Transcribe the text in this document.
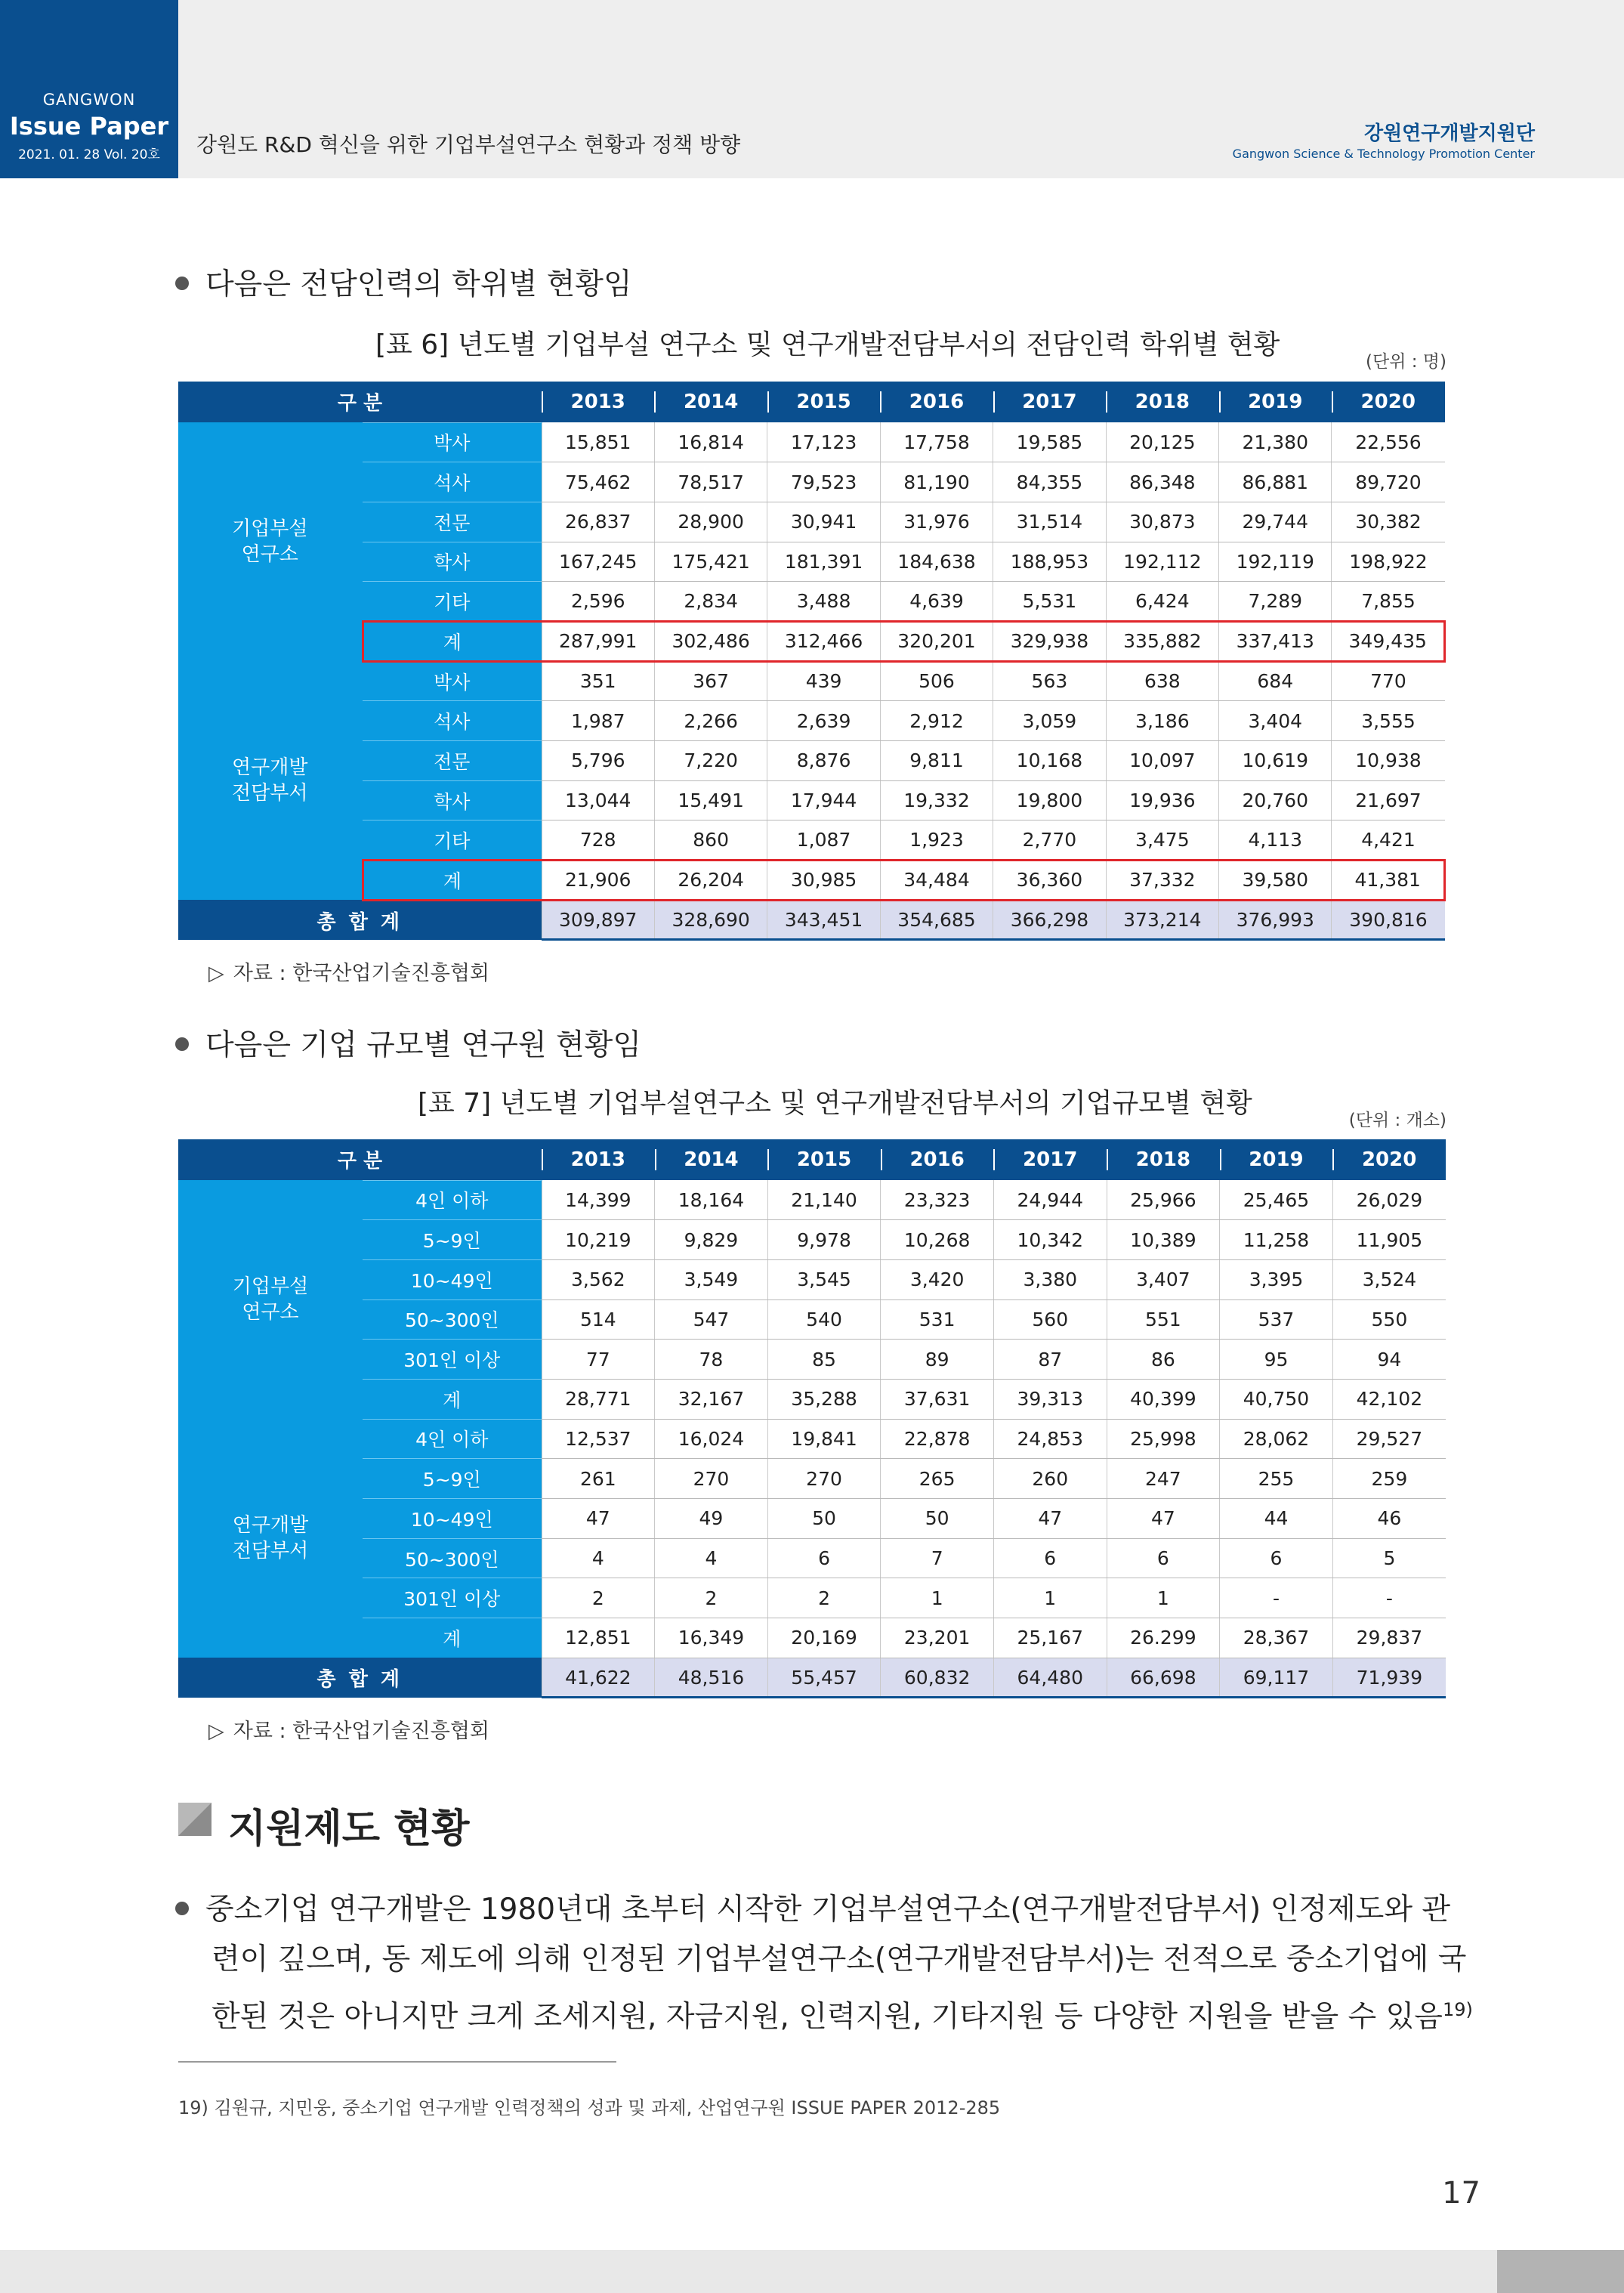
GANGWON
Issue Paper
2021. 01. 28 Vol. 20호	강원도 R&D 혁신을 위한 기업부설연구소 현황과 정책 방향	강원연구개발지원단
Gangwon Science & Technology Promotion Center
다음은 전담인력의 학위별 현황임
[표 6] 년도별 기업부설 연구소 및 연구개발전담부서의 전담인력 학위별 현황
(단위 : 명)
구 분		2013	2014	2015	2016	2017	2018	2019	2020

기업부설
연구소	박사	15,851	16,814	17,123	17,758	19,585	20,125	21,380	22,556
	석사	75,462	78,517	79,523	81,190	84,355	86,348	86,881	89,720
	전문	26,837	28,900	30,941	31,976	31,514	30,873	29,744	30,382
	학사	167,245	175,421	181,391	184,638	188,953	192,112	192,119	198,922
	기타	2,596	2,834	3,488	4,639	5,531	6,424	7,289	7,855
	계	287,991	302,486	312,466	320,201	329,938	335,882	337,413	349,435

연구개발
전담부서	박사	351	367	439	506	563	638	684	770
	석사	1,987	2,266	2,639	2,912	3,059	3,186	3,404	3,555
	전문	5,796	7,220	8,876	9,811	10,168	10,097	10,619	10,938
	학사	13,044	15,491	17,944	19,332	19,800	19,936	20,760	21,697
	기타	728	860	1,087	1,923	2,770	3,475	4,113	4,421
	계	21,906	26,204	30,985	34,484	36,360	37,332	39,580	41,381
총 합 계		309,897	328,690	343,451	354,685	366,298	373,214	376,993	390,816
▷ 자료 : 한국산업기술진흥협회
다음은 기업 규모별 연구원 현황임
[표 7] 년도별 기업부설연구소 및 연구개발전담부서의 기업규모별 현황
(단위 : 개소)
구 분		2013	2014	2015	2016	2017	2018	2019	2020

기업부설
연구소	4인 이하	14,399	18,164	21,140	23,323	24,944	25,966	25,465	26,029
	5~9인	10,219	9,829	9,978	10,268	10,342	10,389	11,258	11,905
	10~49인	3,562	3,549	3,545	3,420	3,380	3,407	3,395	3,524
	50~300인	514	547	540	531	560	551	537	550
	301인 이상	77	78	85	89	87	86	95	94
	계	28,771	32,167	35,288	37,631	39,313	40,399	40,750	42,102

연구개발
전담부서	4인 이하	12,537	16,024	19,841	22,878	24,853	25,998	28,062	29,527
	5~9인	261	270	270	265	260	247	255	259
	10~49인	47	49	50	50	47	47	44	46
	50~300인	4	4	6	7	6	6	6	5
	301인 이상	2	2	2	1	1	1	-	-
	계	12,851	16,349	20,169	23,201	25,167	26.299	28,367	29,837
총 합 계		41,622	48,516	55,457	60,832	64,480	66,698	69,117	71,939
▷ 자료 : 한국산업기술진흥협회
지원제도 현황
중소기업 연구개발은 1980년대 초부터 시작한 기업부설연구소(연구개발전담부서) 인정제도와 관
련이 깊으며, 동 제도에 의해 인정된 기업부설연구소(연구개발전담부서)는 전적으로 중소기업에 국
한된 것은 아니지만 크게 조세지원, 자금지원, 인력지원, 기타지원 등 다양한 지원을 받을 수 있음$^{19)}$
19) 김원규, 지민웅, 중소기업 연구개발 인력정책의 성과 및 과제, 산업연구원 ISSUE PAPER 2012-285
17
